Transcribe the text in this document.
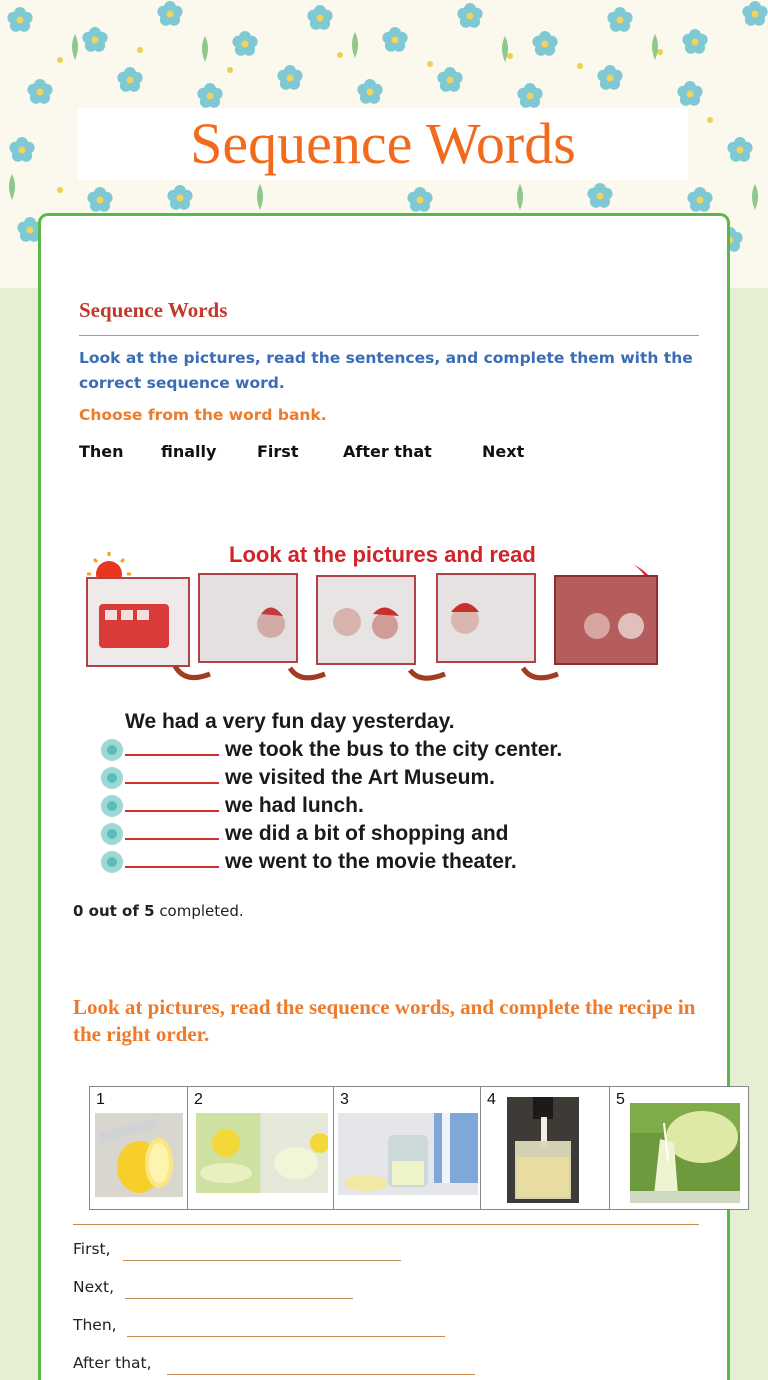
Sequence Words
Sequence Words
Look at the pictures, read the sentences, and complete them with the correct sequence word.
Choose from the word bank.
Then finally	First	After that	Next
Look at the pictures and read
We had a very fun day yesterday.
we took the bus to the city center.
we visited the Art Museum.
we had lunch.
we did a bit of shopping and
we went to the movie theater.
0 out of 5 completed.
Look at pictures, read the sequence words, and complete the recipe in the right order.
1	2	3	4	5
First,
Next,
Then,
After that,
